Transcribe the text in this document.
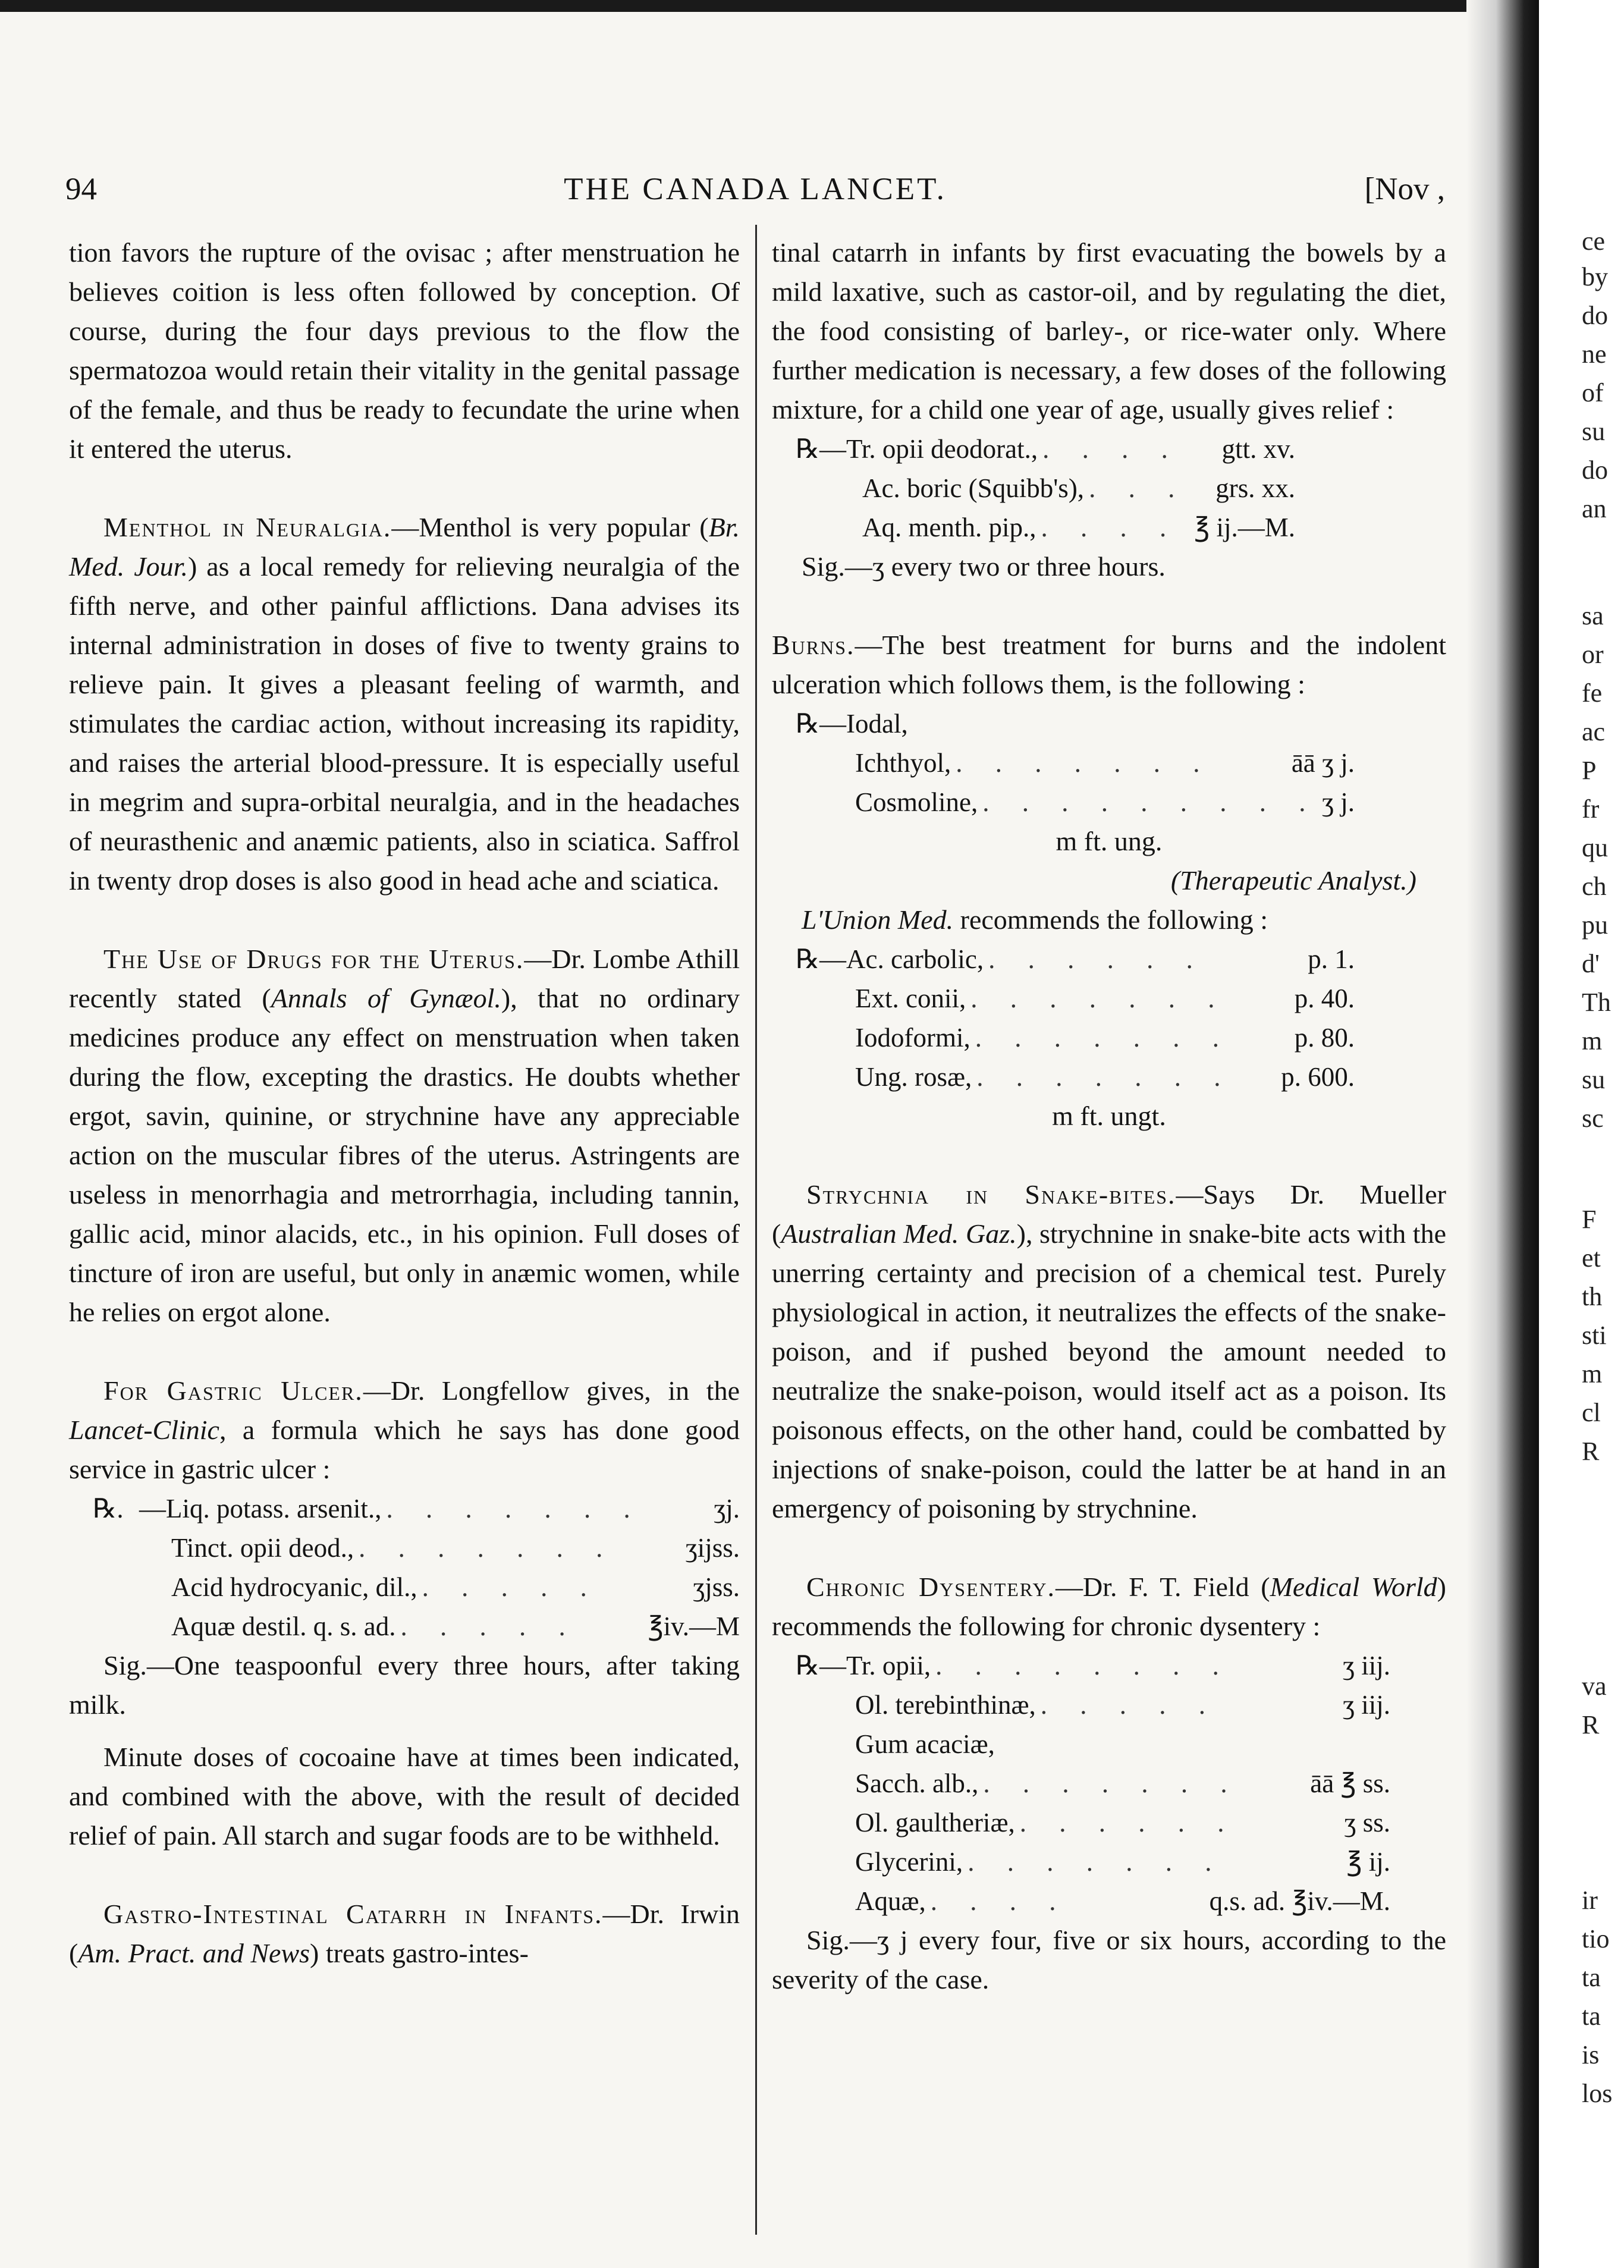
94	THE CANADA LANCET.	[Nov ,

tion favors the rupture of the ovisac ; after menstruation he believes coition is less often followed by conception. Of course, during the four days previous to the flow the spermatozoa would retain their vitality in the genital passage of the female, and thus be ready to fecundate the urine when it entered the uterus.

Menthol in Neuralgia.—Menthol is very popular (Br. Med. Jour.) as a local remedy for relieving neuralgia of the fifth nerve, and other painful afflictions. Dana advises its internal administration in doses of five to twenty grains to relieve pain. It gives a pleasant feeling of warmth, and stimulates the cardiac action, without increasing its rapidity, and raises the arterial blood-pressure. It is especially useful in megrim and supra-orbital neuralgia, and in the headaches of neurasthenic and anæmic patients, also in sciatica. Saffrol in twenty drop doses is also good in head ache and sciatica.

The Use of Drugs for the Uterus.—Dr. Lombe Athill recently stated (Annals of Gynæol.), that no ordinary medicines produce any effect on menstruation when taken during the flow, excepting the drastics. He doubts whether ergot, savin, quinine, or strychnine have any appreciable action on the muscular fibres of the uterus. Astringents are useless in menorrhagia and metrorrhagia, including tannin, gallic acid, minor alacids, etc., in his opinion. Full doses of tincture of iron are useful, but only in anæmic women, while he relies on ergot alone.

For Gastric Ulcer.—Dr. Longfellow gives, in the Lancet-Clinic, a formula which he says has done good service in gastric ulcer :

℞. —Liq. potass. arsenit., . . . . . . .	ʒj.
Tinct. opii deod., . . . . . . .	ʒijss.
Acid hydrocyanic, dil., . . . . .	ʒjss.
Aquæ destil. q. s. ad. . . . . .	℥iv.—M

Sig.—One teaspoonful every three hours, after taking milk.

Minute doses of cocoaine have at times been indicated, and combined with the above, with the result of decided relief of pain. All starch and sugar foods are to be withheld.

Gastro-Intestinal Catarrh in Infants.—Dr. Irwin (Am. Pract. and News) treats gastro-intes-

tinal catarrh in infants by first evacuating the bowels by a mild laxative, such as castor-oil, and by regulating the diet, the food consisting of barley-, or rice-water only. Where further medication is necessary, a few doses of the following mixture, for a child one year of age, usually gives relief :

℞ —Tr. opii deodorat., . . . .	gtt. xv.
Ac. boric (Squibb's), . . .	grs. xx.
Aq. menth. pip., . . . . ℥ ij.—M.

Sig.—ʒ every two or three hours.

Burns.—The best treatment for burns and the indolent ulceration which follows them, is the following :

℞ —Iodal,
Ichthyol, . . . . . . .	āā ʒ j.
Cosmoline, . . . . . . . . . ʒ j.

m ft. ung.

(Therapeutic Analyst.)

L'Union Med. recommends the following :

℞ —Ac. carbolic, . . . . . .	p. 1.
Ext. conii, . . . . . . .	p. 40.
Iodoformi, . . . . . . .	p. 80.
Ung. rosæ, . . . . . . .	p. 600.

m ft. ungt.

Strychnia in Snake-bites.—Says Dr. Mueller (Australian Med. Gaz.), strychnine in snake-bite acts with the unerring certainty and precision of a chemical test. Purely physiological in action, it neutralizes the effects of the snake-poison, and if pushed beyond the amount needed to neutralize the snake-poison, would itself act as a poison. Its poisonous effects, on the other hand, could be combatted by injections of snake-poison, could the latter be at hand in an emergency of poisoning by strychnine.

Chronic Dysentery.—Dr. F. T. Field (Medical World) recommends the following for chronic dysentery :

℞ —Tr. opii, . . . . . . . .	ʒ iij.
Ol. terebinthinæ, . . . . .	ʒ iij.
Gum acaciæ,
Sacch. alb., . . . . . . .	āā ℥ ss.
Ol. gaultheriæ, . . . . . .	ʒ ss.
Glycerini, . . . . . . .	℥ ij.
Aquæ, . . . .	q.s. ad. ℥iv.—M.

Sig.—ʒ j every four, five or six hours, according to the severity of the case.

ce
by
do
ne
of
su
do
an
sa
or
fe
ac
P
fr
qu
ch
pu
d'
Th
m
su
sc
F
et
th
sti
m
cl
R
va
R
ir
tio
ta
ta
is
los
